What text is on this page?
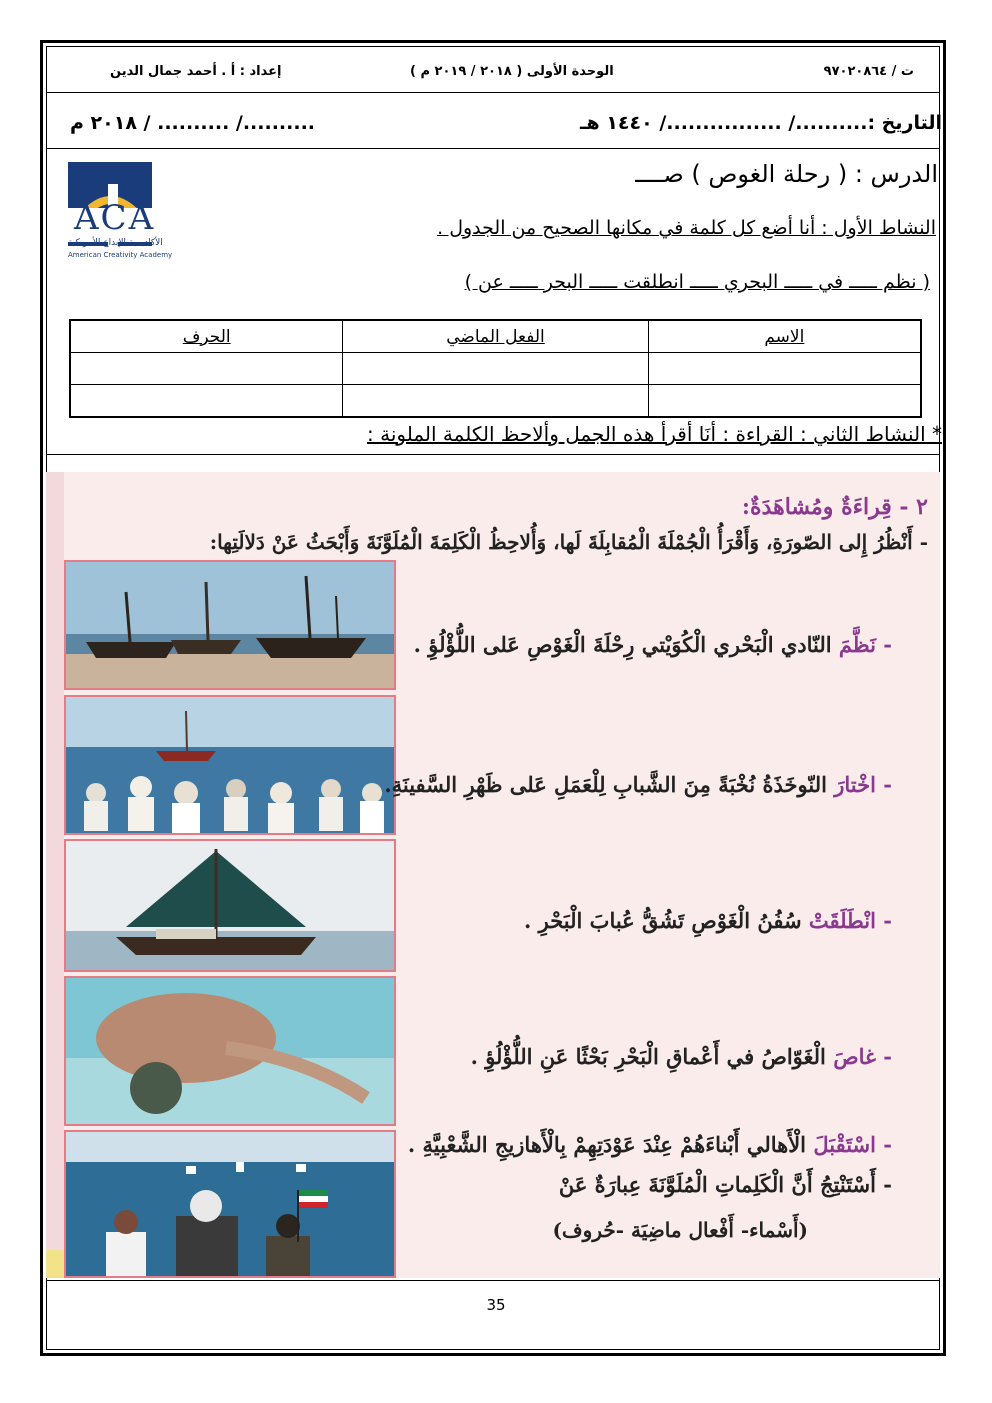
ت / ٩٧٠٢٠٨٦٤
الوحدة الأولى ( ٢٠١٨ / ٢٠١٩ م )
إعداد : أ . أحمد جمال الدين
التاريخ :........../ ................/ ١٤٤٠ هـ
........../ .......... / ٢٠١٨ م
الدرس : ( رحلة الغوص ) صــــ
ACA
الأكاديمية الإبداع الأمريكية
American Creativity Academy
النشاط الأول : أنا أضع كل كلمة في مكانها الصحيح من الجدول .
( نظم ـــــ في ـــــ البحري ـــــ انطلقت ـــــ البحر ـــــ عن )
الاسم	الفعل الماضي	الحرف

* النشاط الثاني : القراءة : أنَا أقرأ هذه الجمل وألاحظ الكلمة الملونة :
٢ - قِراءَةٌ ومُشاهَدَةٌ:
- أَنْظُرُ إِلى الصّورَةِ، وَأَقْرَأُ الْجُمْلَةَ الْمُقابِلَةَ لَها، وَأُلاحِظُ الْكَلِمَةَ الْمُلَوَّنَةَ وَأَبْحَثُ عَنْ دَلالَتِها:
- نَظَّمَ النّادي الْبَحْري الْكُوَيْتي رِحْلَةَ الْغَوْصِ عَلى اللُّؤْلُؤِ .
- اخْتارَ النّوخَذَةُ نُخْبَةً مِنَ الشَّبابِ لِلْعَمَلِ عَلى ظَهْرِ السَّفينَةِ.
- انْطَلَقَتْ سُفُنُ الْغَوْصِ تَشُقُّ عُبابَ الْبَحْرِ .
- غاصَ الْغَوّاصُ في أَعْماقِ الْبَحْرِ بَحْثًا عَنِ اللُّؤْلُؤِ .
- اسْتَقْبَلَ الْأَهالي أَبْناءَهُمْ عِنْدَ عَوْدَتِهِمْ بِالْأَهازيجِ الشَّعْبِيَّةِ .
- أَسْتَنْتِجُ أَنَّ الْكَلِماتِ الْمُلَوَّنَةَ عِبارَةٌ عَنْ
(أَسْماء- أَفْعال ماضِيَة -حُروف)
35
